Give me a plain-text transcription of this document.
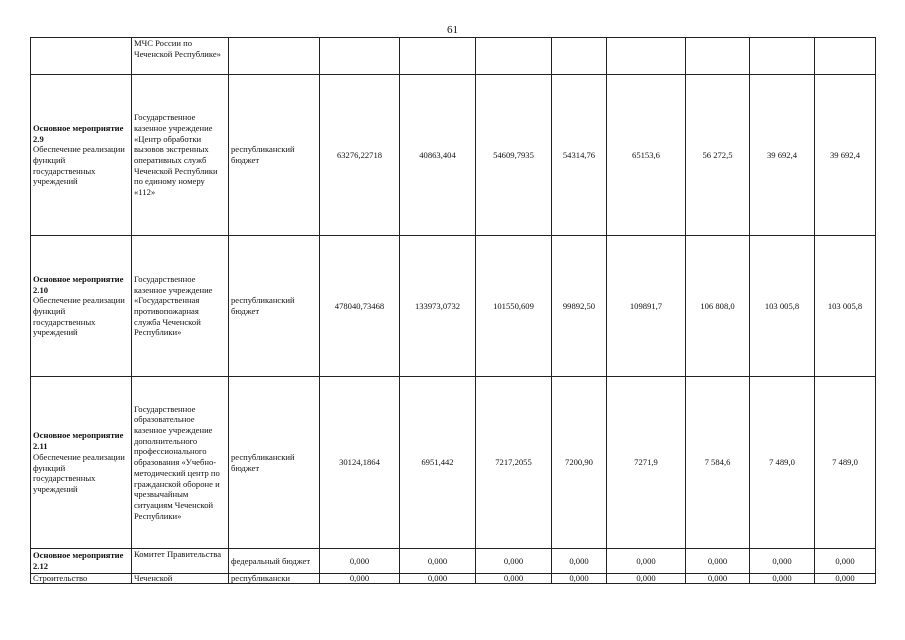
61
	МЧС России по Чеченской Республике»									

Основное мероприятие 2.9
Обеспечение реализации функций государственных учреждений	Государственное казенное учреждение «Центр обработки вызовов экстренных оперативных служб Чеченской Республики по единому номеру «112»	республиканский бюджет	63276,22718	40863,404	54609,7935	54314,76	65153,6	56 272,5	39 692,4	39 692,4

Основное мероприятие 2.10
Обеспечение реализации функций государственных учреждений	Государственное казенное учреждение «Государственная противопожарная служба Чеченской Республики»	республиканский бюджет	478040,73468	133973,0732	101550,609	99892,50	109891,7	106 808,0	103 005,8	103 005,8

Основное мероприятие 2.11
Обеспечение реализации функций государственных учреждений	Государственное образовательное казенное учреждение дополнительного профессионального образования «Учебно-методический центр по гражданской обороне и чрезвычайным ситуациям Чеченской Республики»	республиканский бюджет	30124,1864	6951,442	7217,2055	7200,90	7271,9	7 584,6	7 489,0	7 489,0

Основное мероприятие 2.12	Комитет Правительства	федеральный бюджет	0,000	0,000	0,000	0,000	0,000	0,000	0,000	0,000

Строительство	Чеченской	республикански	0,000	0,000	0,000	0,000	0,000	0,000	0,000	0,000
